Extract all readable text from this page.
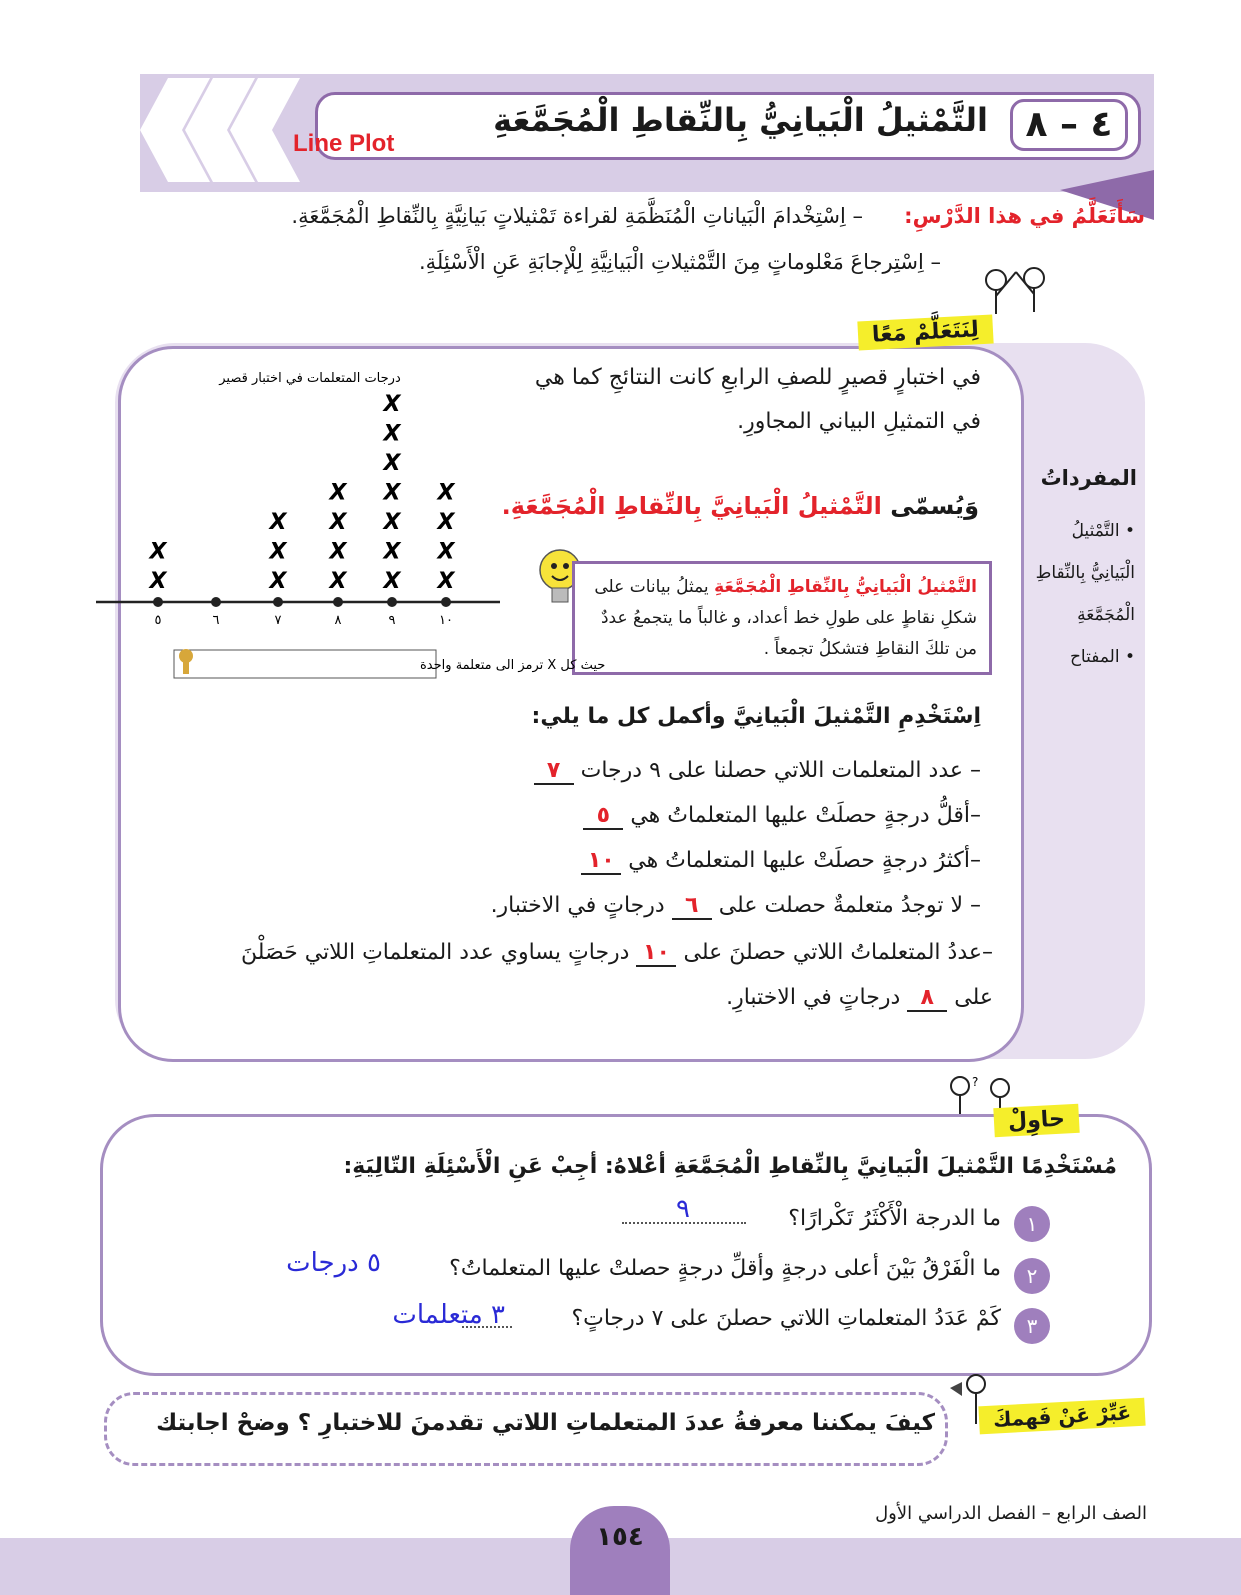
٤ – ٨
التَّمْثيلُ الْبَيانِيُّ بِالنِّقاطِ الْمُجَمَّعَةِ
Line Plot
سَأَتَعَلَّمُ في هذا الدَّرْسِ:
– اِسْتِخْدامَ الْبَياناتِ الْمُنَظَّمَةِ لقراءة تَمْثيلاتٍ بَيانِيَّةٍ بِالنِّقاطِ الْمُجَمَّعَةِ.
– اِسْتِرجاعَ مَعْلوماتٍ مِنَ التَّمْثيلاتِ الْبَيانِيَّةِ لِلْإجابَةِ عَنِ الْأَسْئِلَةِ.
لِنَتَعَلَّمْ مَعًا
في اختبارٍ قصيرٍ للصفِ الرابعِ كانت النتائجِ كما هي
في التمثيلِ البياني المجاورِ.
وَيُسمّى التَّمْثيلُ الْبَيانِيَّ بِالنِّقاطِ الْمُجَمَّعَةِ.
التَّمْثيلُ الْبَيانِيُّ بِالنِّقاطِ الْمُجَمَّعَةِ يمثلُ بيانات على شكلِ نقاطٍ على طولِ خط أعداد، و غالباً ما يتجمعُ عددٌ من تلكَ النقاطِ فتشكلُ تجمعاً .
المفرداتُ
• التَّمْثيلُ
الْبَيانِيُّ بِالنِّقاطِ
الْمُجَمَّعَةِ
• المفتاح
درجات المتعلمات في اختبار قصير
٥
X
X
٦	٧
X
X
X
٨
X
X
X
X
٩
X
X
X
X
X
X
X
١٠
X
X
X
X
حيث كل X ترمز الى متعلمة واحدة
اِسْتَخْدِمِ التَّمْثيلَ الْبَيانِيَّ وأكمل كل ما يلي:
– عدد المتعلمات اللاتي حصلنا على ٩ درجات ٧
–أقلُّ درجةٍ حصلَتْ عليها المتعلماتُ هي ٥
–أكثرُ درجةٍ حصلَتْ عليها المتعلماتُ هي ١٠
– لا توجدُ متعلمةٌ حصلت على ٦ درجاتٍ في الاختبار.
–عددُ المتعلماتُ اللاتي حصلنَ على ١٠ درجاتٍ يساوي عدد المتعلماتِ اللاتي حَصَلْنَ
على ٨ درجاتٍ في الاختبارِ.
?
حاوِلْ
مُسْتَخْدِمًا التَّمْثيلَ الْبَيانِيَّ بِالنِّقاطِ الْمُجَمَّعَةِ أعْلاهُ: أجِبْ عَنِ الْأَسْئِلَةِ التّالِيَةِ:
١
ما الدرجة الْأَكْثَرُ تَكْرارًا؟
٩
٢
ما الْفَرْقُ بَيْنَ أعلى درجةٍ وأقلِّ درجةٍ حصلتْ عليها المتعلماتُ؟
٥ درجات
٣
كَمْ عَدَدُ المتعلماتِ اللاتي حصلنَ على ٧ درجاتٍ؟
٣ متعلمات
عَبِّرْ عَنْ فَهمكَ
كيفَ يمكننا معرفةُ عددَ المتعلماتِ اللاتي تقدمنَ للاختبارِ ؟ وضحْ اجابتك
١٥٤
الصف الرابع – الفصل الدراسي الأول
